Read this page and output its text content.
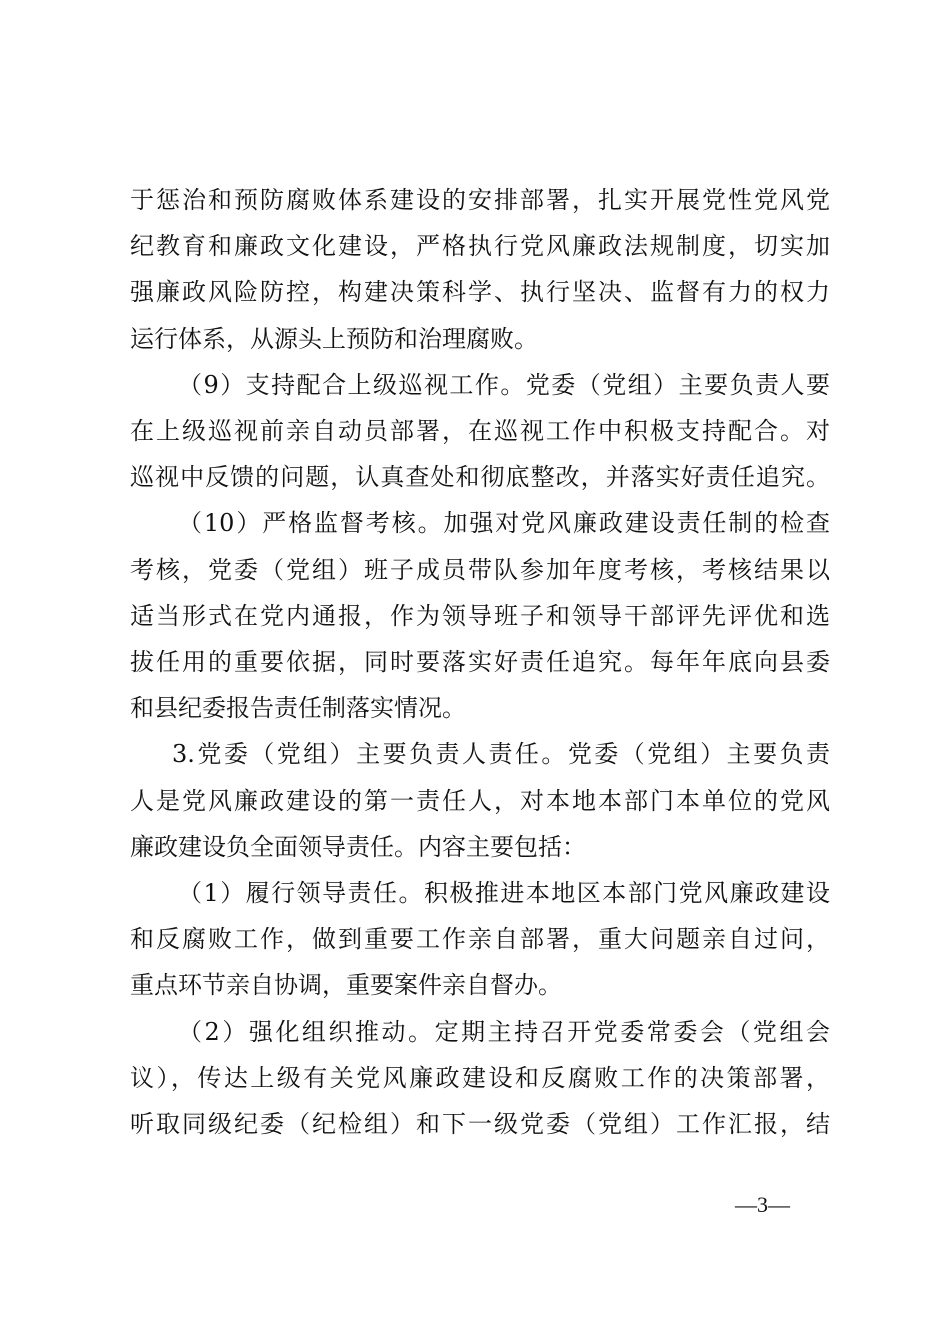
于惩治和预防腐败体系建设的安排部署，扎实开展党性党风党
纪教育和廉政文化建设，严格执行党风廉政法规制度，切实加
强廉政风险防控，构建决策科学、执行坚决、监督有力的权力
运行体系，从源头上预防和治理腐败。
（9）支持配合上级巡视工作。党委（党组）主要负责人要
在上级巡视前亲自动员部署，在巡视工作中积极支持配合。对
巡视中反馈的问题，认真查处和彻底整改，并落实好责任追究。
（10）严格监督考核。加强对党风廉政建设责任制的检查
考核，党委（党组）班子成员带队参加年度考核，考核结果以
适当形式在党内通报，作为领导班子和领导干部评先评优和选
拔任用的重要依据，同时要落实好责任追究。每年年底向县委
和县纪委报告责任制落实情况。
3.党委（党组）主要负责人责任。党委（党组）主要负责
人是党风廉政建设的第一责任人，对本地本部门本单位的党风
廉政建设负全面领导责任。内容主要包括：
（1）履行领导责任。积极推进本地区本部门党风廉政建设
和反腐败工作，做到重要工作亲自部署，重大问题亲自过问，
重点环节亲自协调，重要案件亲自督办。
（2）强化组织推动。定期主持召开党委常委会（党组会
议），传达上级有关党风廉政建设和反腐败工作的决策部署，
听取同级纪委（纪检组）和下一级党委（党组）工作汇报，结
—3—
